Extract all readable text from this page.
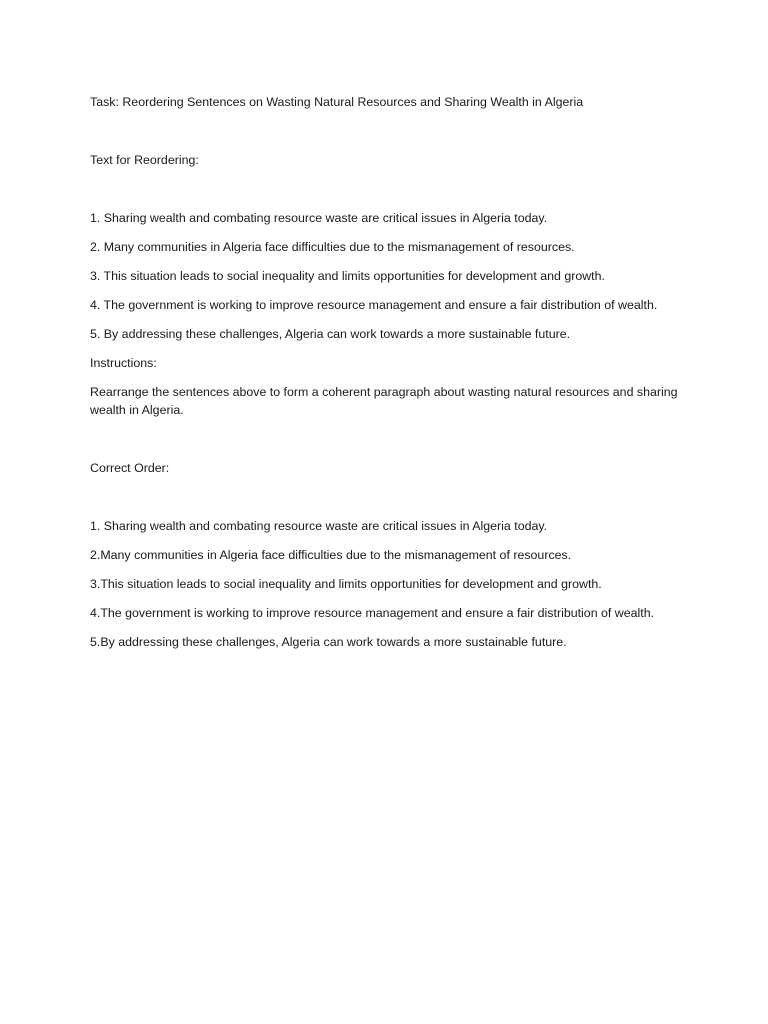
Task: Reordering Sentences on Wasting Natural Resources and Sharing Wealth in Algeria

Text for Reordering:

1. Sharing wealth and combating resource waste are critical issues in Algeria today.

2. Many communities in Algeria face difficulties due to the mismanagement of resources.

3. This situation leads to social inequality and limits opportunities for development and growth.

4. The government is working to improve resource management and ensure a fair distribution of wealth.

5. By addressing these challenges, Algeria can work towards a more sustainable future.

Instructions:

Rearrange the sentences above to form a coherent paragraph about wasting natural resources and sharing wealth in Algeria.

Correct Order:

1. Sharing wealth and combating resource waste are critical issues in Algeria today.

2.Many communities in Algeria face difficulties due to the mismanagement of resources.

3.This situation leads to social inequality and limits opportunities for development and growth.

4.The government is working to improve resource management and ensure a fair distribution of wealth.

5.By addressing these challenges, Algeria can work towards a more sustainable future.
